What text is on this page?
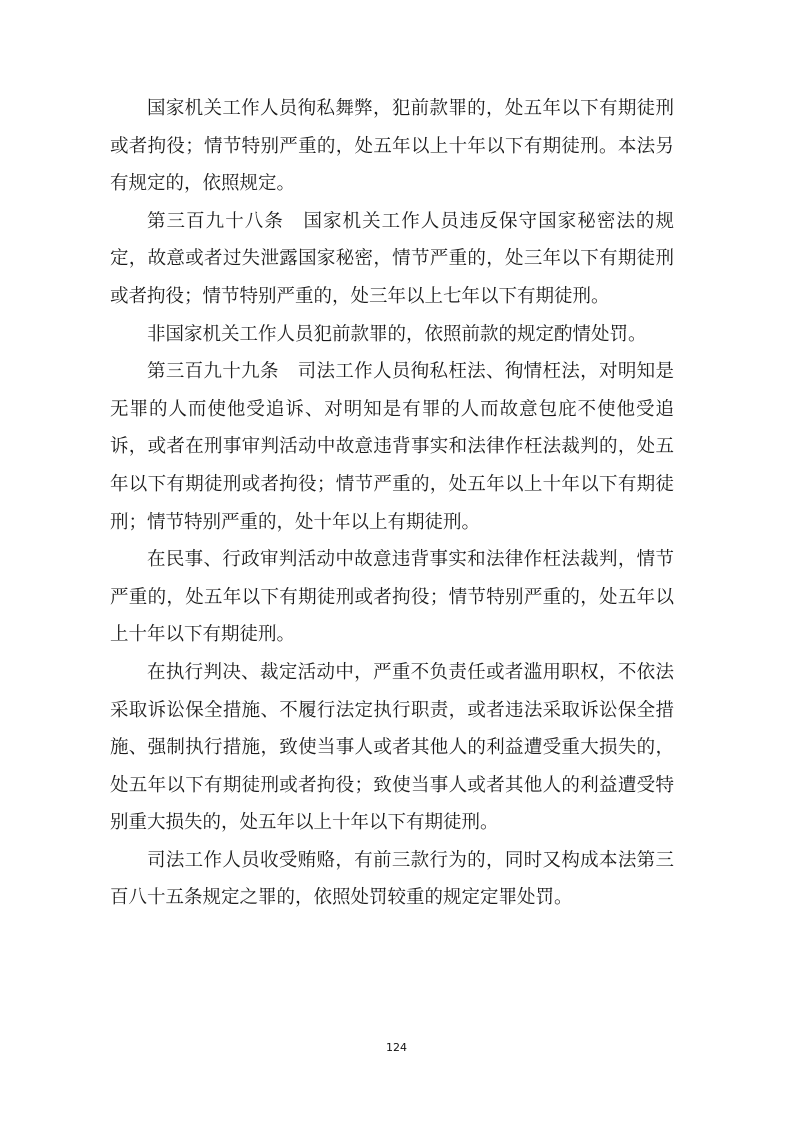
国家机关工作人员徇私舞弊，犯前款罪的，处五年以下有期徒刑或者拘役；情节特别严重的，处五年以上十年以下有期徒刑。本法另有规定的，依照规定。

第三百九十八条　国家机关工作人员违反保守国家秘密法的规定，故意或者过失泄露国家秘密，情节严重的，处三年以下有期徒刑或者拘役；情节特别严重的，处三年以上七年以下有期徒刑。

非国家机关工作人员犯前款罪的，依照前款的规定酌情处罚。

第三百九十九条　司法工作人员徇私枉法、徇情枉法，对明知是无罪的人而使他受追诉、对明知是有罪的人而故意包庇不使他受追诉，或者在刑事审判活动中故意违背事实和法律作枉法裁判的，处五年以下有期徒刑或者拘役；情节严重的，处五年以上十年以下有期徒刑；情节特别严重的，处十年以上有期徒刑。

在民事、行政审判活动中故意违背事实和法律作枉法裁判，情节严重的，处五年以下有期徒刑或者拘役；情节特别严重的，处五年以上十年以下有期徒刑。

在执行判决、裁定活动中，严重不负责任或者滥用职权，不依法采取诉讼保全措施、不履行法定执行职责，或者违法采取诉讼保全措施、强制执行措施，致使当事人或者其他人的利益遭受重大损失的，处五年以下有期徒刑或者拘役；致使当事人或者其他人的利益遭受特别重大损失的，处五年以上十年以下有期徒刑。

司法工作人员收受贿赂，有前三款行为的，同时又构成本法第三百八十五条规定之罪的，依照处罚较重的规定定罪处罚。

124
